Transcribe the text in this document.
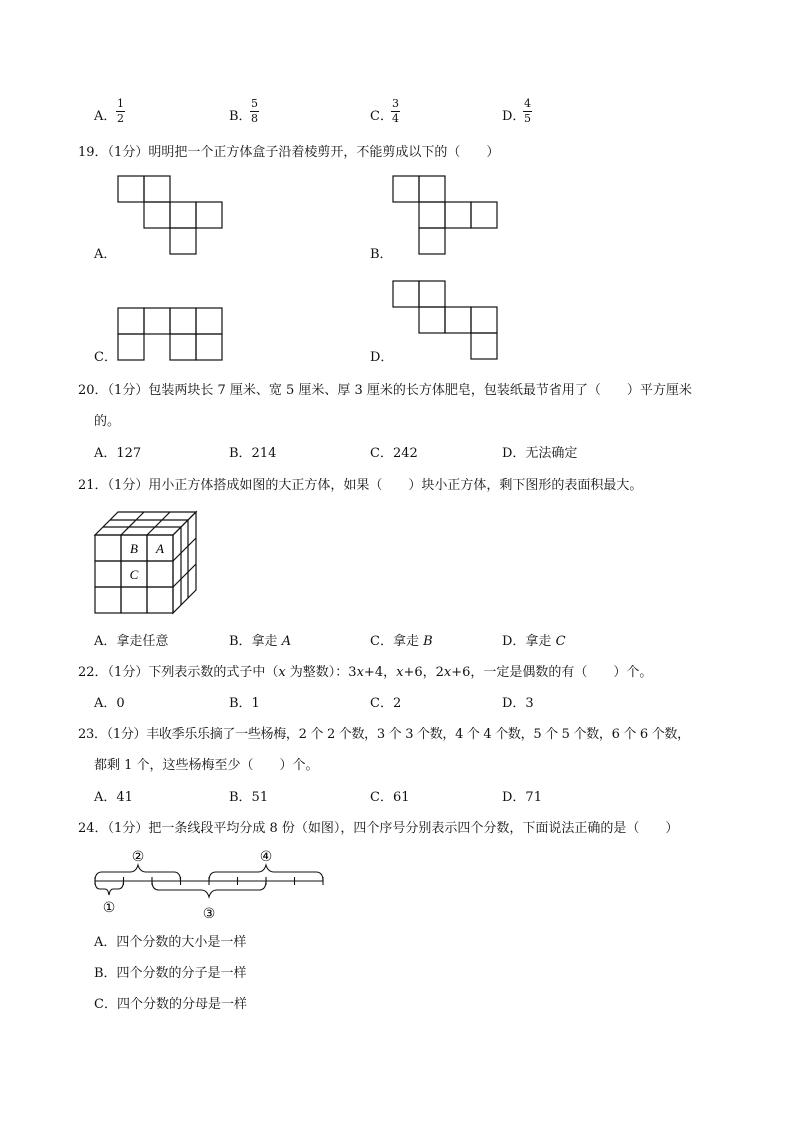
A．
1
2	B．
5
8	C．
3
4	D．
4
5
19．（1分）明明把一个正方体盒子沿着棱剪开，不能剪成以下的（　　）
A．	B．
C．	D．
20．（1分）包装两块长 7 厘米、宽 5 厘米、厚 3 厘米的长方体肥皂，包装纸最节省用了（　　）平方厘米
的。
A．127	B．214	C．242	D．无法确定
21．（1分）用小正方体搭成如图的大正方体，如果（　　）块小正方体，剩下图形的表面积最大。
B A
C
A．拿走任意	B．拿走 A	C．拿走 B	D．拿走 C
22．（1分）下列表示数的式子中（x 为整数）：3x+4，x+6，2x+6，一定是偶数的有（　　）个。
A．0	B．1	C．2	D．3
23．（1分）丰收季乐乐摘了一些杨梅，2 个 2 个数，3 个 3 个数，4 个 4 个数，5 个 5 个数，6 个 6 个数，
都剩 1 个，这些杨梅至少（　　）个。
A．41	B．51	C．61	D．71
24．（1分）把一条线段平均分成 8 份（如图），四个序号分别表示四个分数，下面说法正确的是（　　）
②	④
①	③
A．四个分数的大小是一样
B．四个分数的分子是一样
C．四个分数的分母是一样
